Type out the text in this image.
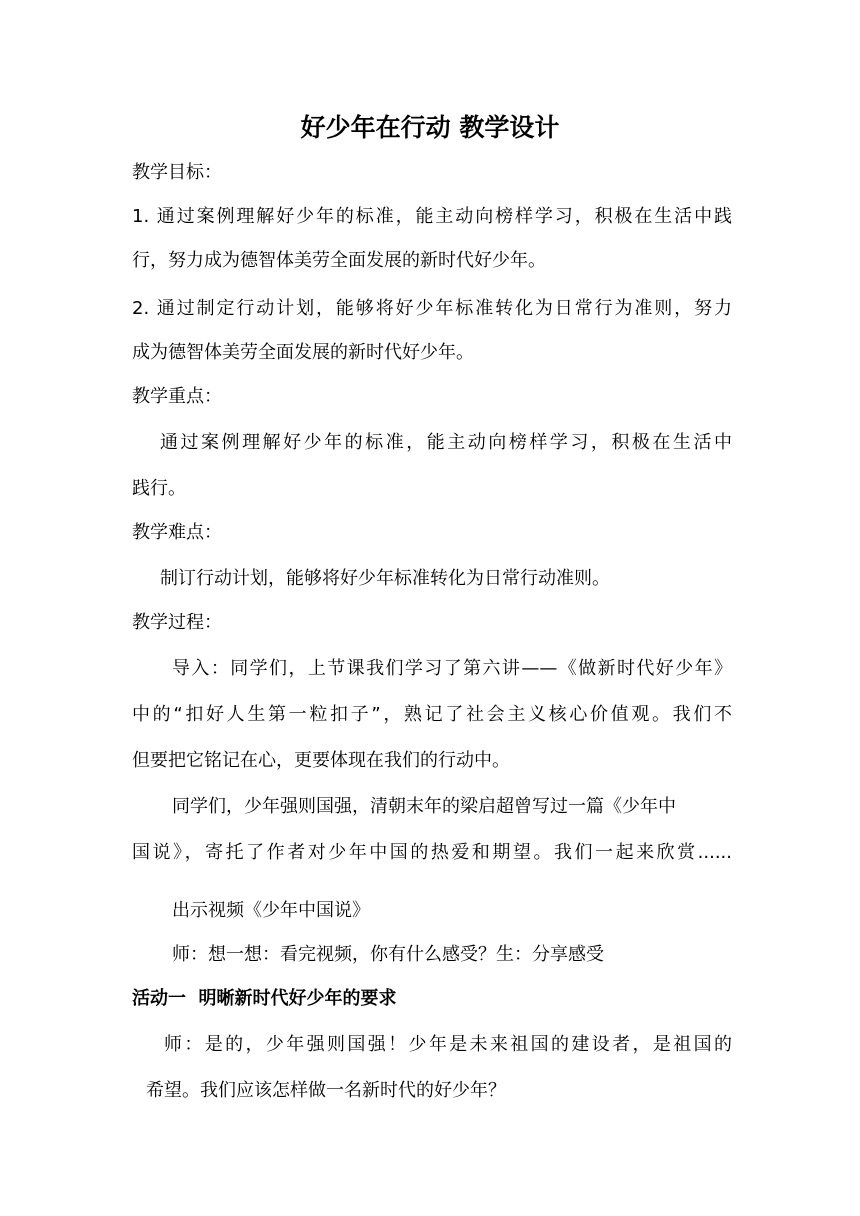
好少年在行动 教学设计
教学目标：
1. 通过案例理解好少年的标准，能主动向榜样学习，积极在生活中践
行，努力成为德智体美劳全面发展的新时代好少年。
2. 通过制定行动计划，能够将好少年标准转化为日常行为准则，努力
成为德智体美劳全面发展的新时代好少年。
教学重点：
通过案例理解好少年的标准，能主动向榜样学习，积极在生活中
践行。
教学难点：
制订行动计划，能够将好少年标准转化为日常行动准则。
教学过程：
导入：同学们，上节课我们学习了第六讲——《做新时代好少年》
中的“扣好人生第一粒扣子”，熟记了社会主义核心价值观。我们不
但要把它铭记在心，更要体现在我们的行动中。
同学们，少年强则国强，清朝末年的梁启超曾写过一篇《少年中
国说》，寄托了作者对少年中国的热爱和期望。我们一起来欣赏......
出示视频《少年中国说》
师：想一想：看完视频，你有什么感受？生：分享感受
活动一  明晰新时代好少年的要求
师：是的，少年强则国强！少年是未来祖国的建设者，是祖国的
希望。我们应该怎样做一名新时代的好少年？
